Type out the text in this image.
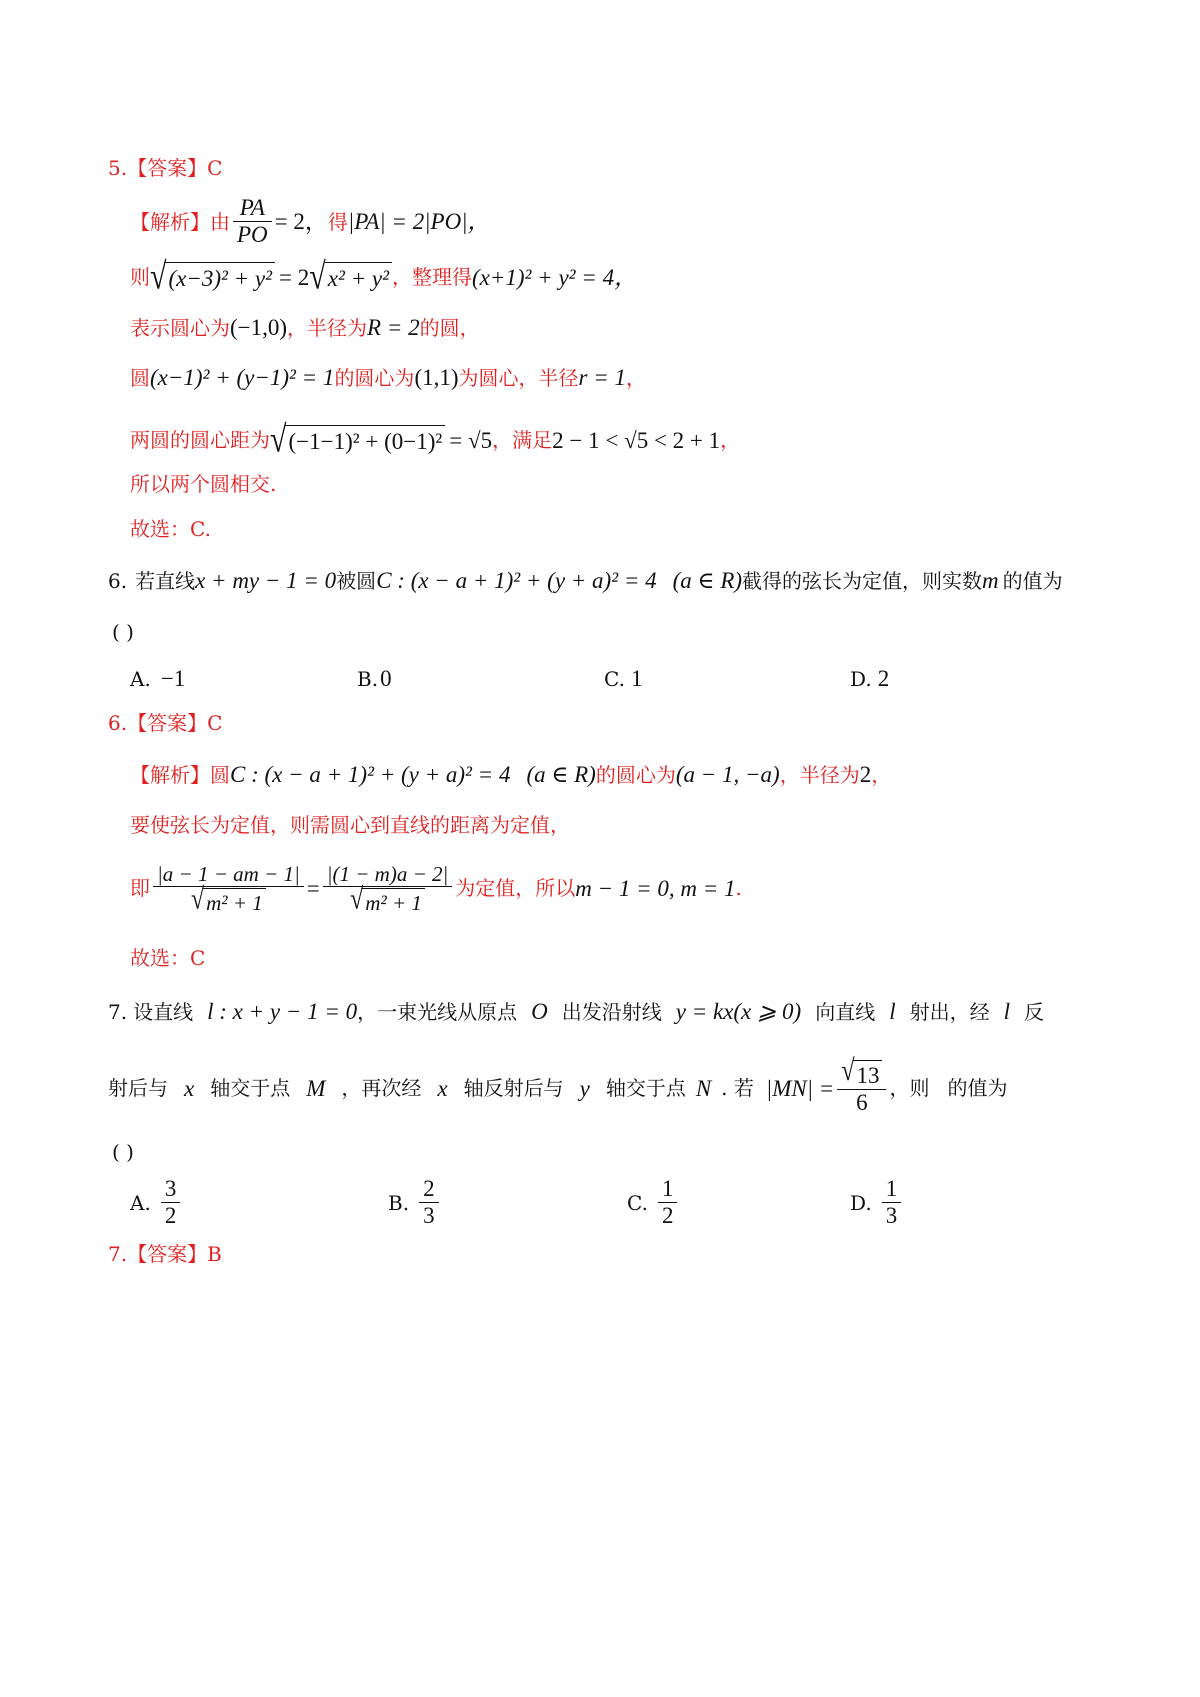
5.【答案】C
【解析】 由 $\frac{PA}{PO} = 2$， 得 |PA| = 2|PO|，
则 √ (x−3)² + y² = 2 √ x² + y² ，整理得 (x+1)² + y² = 4，
表示圆心为 (−1,0) ，半径为 R = 2 的圆，
圆 (x−1)² + (y−1)² = 1 的圆心为 (1,1) 为圆心，半径 r = 1 ，
两圆的圆心距为 √ (−1−1)² + (0−1)² = √5 ，满足 2 − 1 < √5 < 2 + 1 ，
所以两个圆相交.
故选：C.
6. 若直线 x + my − 1 = 0 被圆 C : (x − a + 1)² + (y + a)² = 4 (a ∈ R) 截得的弦长为定值，则实数 m 的值为
( )
A. −1	B. 0	C. 1	D. 2
6.【答案】C
【解析】 圆 C : (x − a + 1)² + (y + a)² = 4 (a ∈ R) 的圆心为 (a − 1, −a) ，半径为 2 ，
要使弦长为定值，则需圆心到直线的距离为定值，
即 $\frac{|a - 1 - am - 1|}{\text{√ m² + 1}} = \frac{|(1 - m)a - 2|}{\text{√ m² + 1}}$ 为定值，所以 m − 1 = 0, m = 1 .
故选：C
7. 设直线 l : x + y − 1 = 0 ，一束光线从原点 O 出发沿射线 y = kx(x ⩾ 0) 向直线 l 射出，经 l 反
射后与 x 轴交于点 M ，再次经 x 轴反射后与 y 轴交于点 N . 若 $|MN| = \frac{√ 13}{6}$ ，则 的值为
( )
A. $\frac{3}{2}$	B. $\frac{2}{3}$	C. $\frac{1}{2}$	D. $\frac{1}{3}$
7.【答案】B
